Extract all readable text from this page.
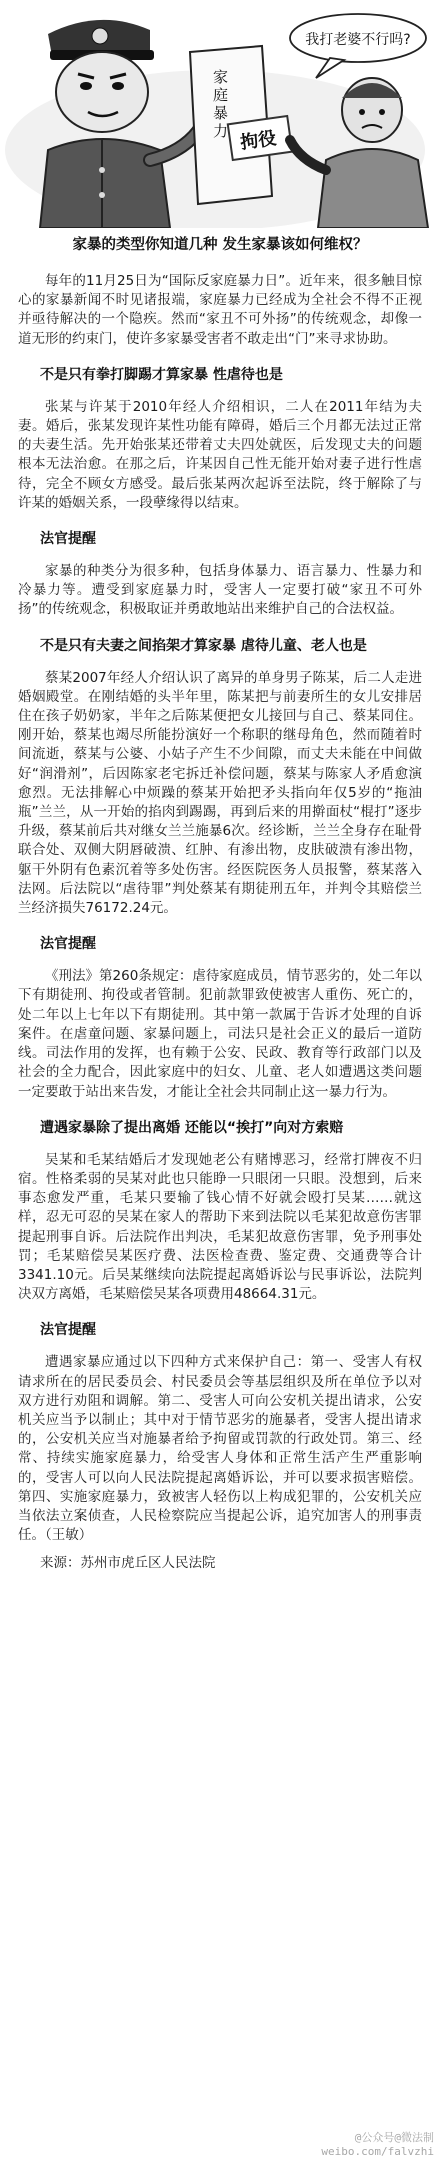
我打老婆不行吗?
家
庭
暴
力 拘役
家暴的类型你知道几种 发生家暴该如何维权？
每年的11月25日为“国际反家庭暴力日”。近年来，很多触目惊心的家暴新闻不时见诸报端，家庭暴力已经成为全社会不得不正视并亟待解决的一个隐疾。然而“家丑不可外扬”的传统观念，却像一道无形的约束门，使许多家暴受害者不敢走出“门”来寻求协助。
不是只有拳打脚踢才算家暴 性虐待也是
张某与许某于2010年经人介绍相识，二人在2011年结为夫妻。婚后，张某发现许某性功能有障碍，婚后三个月都无法过正常的夫妻生活。先开始张某还带着丈夫四处就医，后发现丈夫的问题根本无法治愈。在那之后，许某因自己性无能开始对妻子进行性虐待，完全不顾女方感受。最后张某两次起诉至法院，终于解除了与许某的婚姻关系，一段孽缘得以结束。
法官提醒
家暴的种类分为很多种，包括身体暴力、语言暴力、性暴力和冷暴力等。遭受到家庭暴力时，受害人一定要打破“家丑不可外扬”的传统观念，积极取证并勇敢地站出来维护自己的合法权益。
不是只有夫妻之间掐架才算家暴 虐待儿童、老人也是
蔡某2007年经人介绍认识了离异的单身男子陈某，后二人走进婚姻殿堂。在刚结婚的头半年里，陈某把与前妻所生的女儿安排居住在孩子奶奶家，半年之后陈某便把女儿接回与自己、蔡某同住。刚开始，蔡某也竭尽所能扮演好一个称职的继母角色，然而随着时间流逝，蔡某与公婆、小姑子产生不少间隙，而丈夫未能在中间做好“润滑剂”，后因陈家老宅拆迁补偿问题，蔡某与陈家人矛盾愈演愈烈。无法排解心中烦躁的蔡某开始把矛头指向年仅5岁的“拖油瓶”兰兰，从一开始的掐肉到踢踢，再到后来的用擀面杖“棍打”逐步升级，蔡某前后共对继女兰兰施暴6次。经诊断，兰兰全身存在耻骨联合处、双侧大阴唇破溃、红肿、有渗出物，皮肤破溃有渗出物，躯干外阴有色素沉着等多处伤害。经医院医务人员报警，蔡某落入法网。后法院以“虐待罪”判处蔡某有期徒刑五年，并判令其赔偿兰兰经济损失76172.24元。
法官提醒
《刑法》第260条规定：虐待家庭成员，情节恶劣的，处二年以下有期徒刑、拘役或者管制。犯前款罪致使被害人重伤、死亡的，处二年以上七年以下有期徒刑。其中第一款属于告诉才处理的自诉案件。在虐童问题、家暴问题上，司法只是社会正义的最后一道防线。司法作用的发挥，也有赖于公安、民政、教育等行政部门以及社会的全力配合，因此家庭中的妇女、儿童、老人如遭遇这类问题一定要敢于站出来告发，才能让全社会共同制止这一暴力行为。
遭遇家暴除了提出离婚 还能以“挨打”向对方索赔
吴某和毛某结婚后才发现她老公有赌博恶习，经常打牌夜不归宿。性格柔弱的吴某对此也只能睁一只眼闭一只眼。没想到，后来事态愈发严重，毛某只要输了钱心情不好就会殴打吴某……就这样，忍无可忍的吴某在家人的帮助下来到法院以毛某犯故意伤害罪提起刑事自诉。后法院作出判决，毛某犯故意伤害罪，免予刑事处罚；毛某赔偿吴某医疗费、法医检查费、鉴定费、交通费等合计3341.10元。后吴某继续向法院提起离婚诉讼与民事诉讼，法院判决双方离婚，毛某赔偿吴某各项费用48664.31元。
法官提醒
遭遇家暴应通过以下四种方式来保护自己：第一、受害人有权请求所在的居民委员会、村民委员会等基层组织及所在单位予以对双方进行劝阻和调解。第二、受害人可向公安机关提出请求，公安机关应当予以制止；其中对于情节恶劣的施暴者，受害人提出请求的，公安机关应当对施暴者给予拘留或罚款的行政处罚。第三、经常、持续实施家庭暴力，给受害人身体和正常生活产生严重影响的，受害人可以向人民法院提起离婚诉讼，并可以要求损害赔偿。第四、实施家庭暴力，致被害人轻伤以上构成犯罪的，公安机关应当依法立案侦查，人民检察院应当提起公诉，追究加害人的刑事责任。（王敏）
来源：苏州市虎丘区人民法院
@公众号@微法制
weibo.com/falvzhi
